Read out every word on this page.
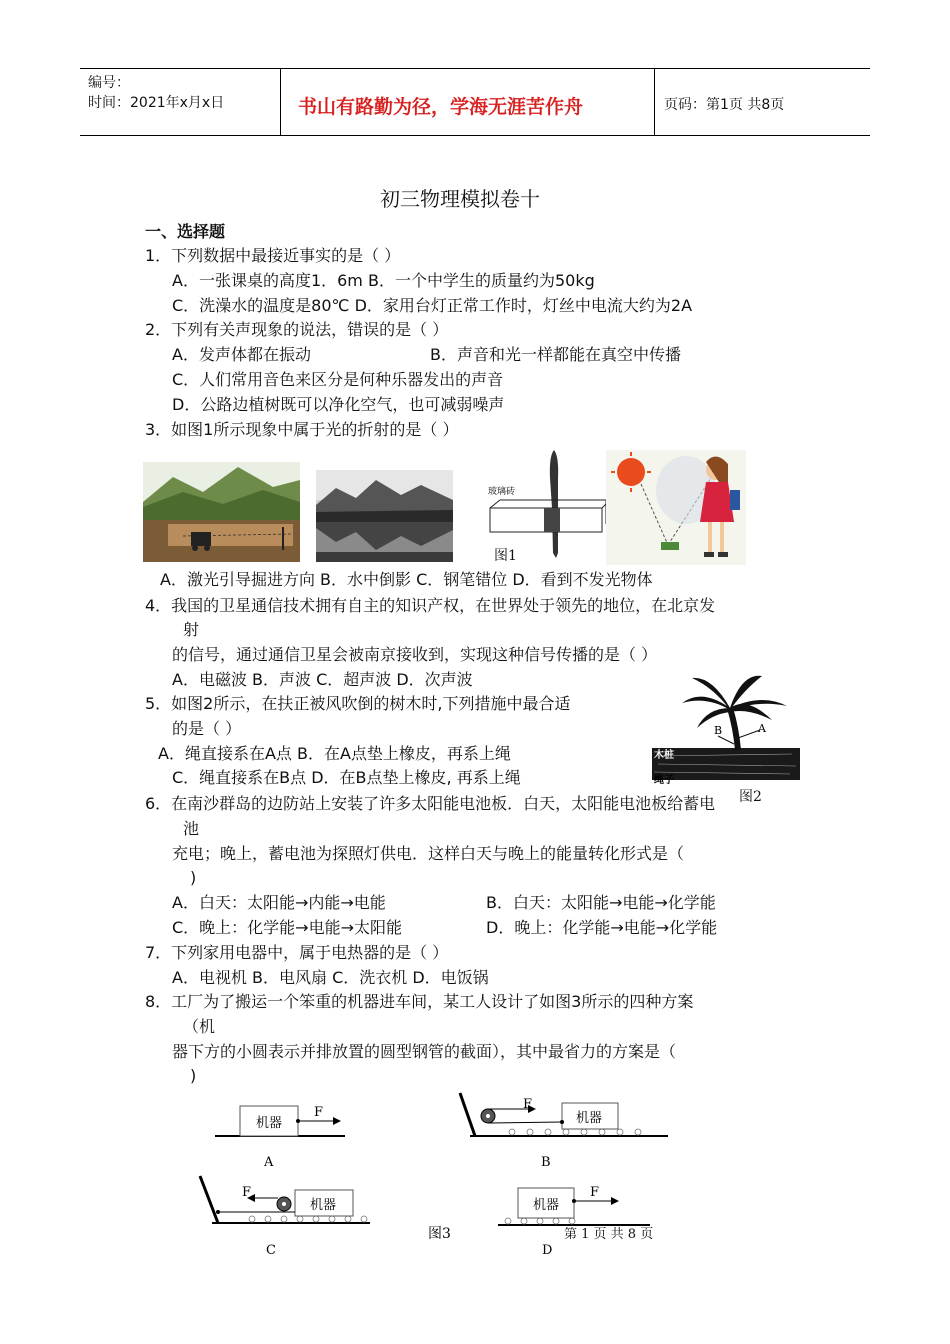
编号：
时间：2021年x月x日	书山有路勤为径，学海无涯苦作舟	页码：第1页 共8页
初三物理模拟卷十
一、选择题
1．下列数据中最接近事实的是（ ）
A．一张课桌的高度1．6m B．一个中学生的质量约为50kg
C．洗澡水的温度是80℃ D．家用台灯正常工作时，灯丝中电流大约为2A
2．下列有关声现象的说法，错误的是（ ）
A．发声体都在振动	B．声音和光一样都能在真空中传播
C．人们常用音色来区分是何种乐器发出的声音
D．公路边植树既可以净化空气，也可减弱噪声
3．如图1所示现象中属于光的折射的是（ ）
玻璃砖
图1
A．激光引导掘进方向 B．水中倒影 C．钢笔错位 D．看到不发光物体
4．我国的卫星通信技术拥有自主的知识产权，在世界处于领先的地位，在北京发
射
的信号，通过通信卫星会被南京接收到，实现这种信号传播的是（ ）
A．电磁波 B．声波 C．超声波 D．次声波
5．如图2所示，在扶正被风吹倒的树木时,下列措施中最合适
的是（ ）
A．绳直接系在A点 B．在A点垫上橡皮，再系上绳
C．绳直接系在B点 D．在B点垫上橡皮, 再系上绳
A
B
木桩
绳子
图2
6．在南沙群岛的边防站上安装了许多太阳能电池板．白天，太阳能电池板给蓄电
池
充电；晚上，蓄电池为探照灯供电．这样白天与晚上的能量转化形式是（
)
A．白天：太阳能→内能→电能	B．白天：太阳能→电能→化学能
C．晚上：化学能→电能→太阳能	D．晚上：化学能→电能→化学能
7．下列家用电器中，属于电热器的是（ ）
A．电视机 B．电风扇 C．洗衣机 D．电饭锅
8．工厂为了搬运一个笨重的机器进车间，某工人设计了如图3所示的四种方案
（机
器下方的小圆表示并排放置的圆型钢管的截面），其中最省力的方案是（
)
机器
F
A
机器
F
B
机器
F
C
机器
F
D
图3	第 1 页 共 8 页
